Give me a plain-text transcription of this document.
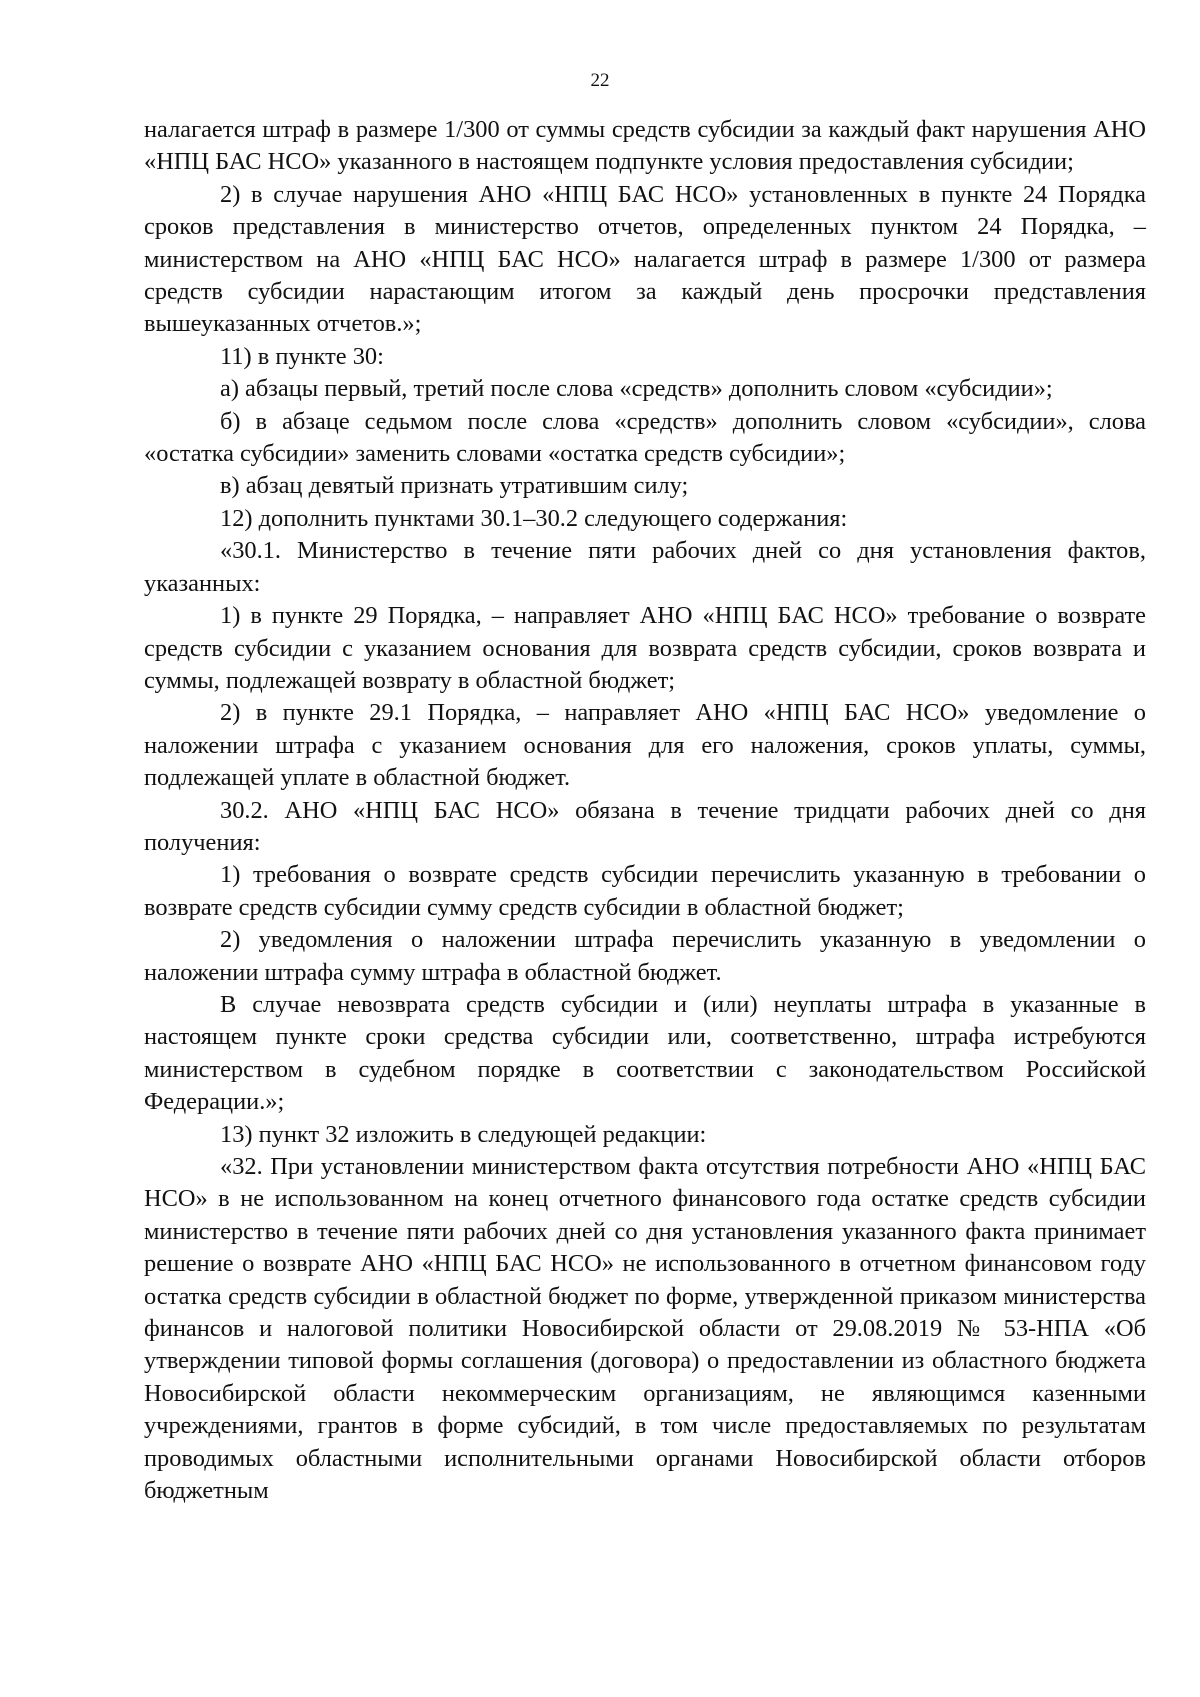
22

налагается штраф в размере 1/300 от суммы средств субсидии за каждый факт нарушения АНО «НПЦ БАС НСО» указанного в настоящем подпункте условия предоставления субсидии;

2) в случае нарушения АНО «НПЦ БАС НСО» установленных в пункте 24 Порядка сроков представления в министерство отчетов, определенных пунктом 24 Порядка, – министерством на АНО «НПЦ БАС НСО» налагается штраф в размере 1/300 от размера средств субсидии нарастающим итогом за каждый день просрочки представления вышеуказанных отчетов.»;

11) в пункте 30:

а) абзацы первый, третий после слова «средств» дополнить словом «субсидии»;

б) в абзаце седьмом после слова «средств» дополнить словом «субсидии», слова «остатка субсидии» заменить словами «остатка средств субсидии»;

в) абзац девятый признать утратившим силу;

12) дополнить пунктами 30.1–30.2 следующего содержания:

«30.1. Министерство в течение пяти рабочих дней со дня установления фактов, указанных:

1) в пункте 29 Порядка, – направляет АНО «НПЦ БАС НСО» требование о возврате средств субсидии с указанием основания для возврата средств субсидии, сроков возврата и суммы, подлежащей возврату в областной бюджет;

2) в пункте 29.1 Порядка, – направляет АНО «НПЦ БАС НСО» уведомление о наложении штрафа с указанием основания для его наложения, сроков уплаты, суммы, подлежащей уплате в областной бюджет.

30.2. АНО «НПЦ БАС НСО» обязана в течение тридцати рабочих дней со дня получения:

1) требования о возврате средств субсидии перечислить указанную в требовании о возврате средств субсидии сумму средств субсидии в областной бюджет;

2) уведомления о наложении штрафа перечислить указанную в уведомлении о наложении штрафа сумму штрафа в областной бюджет.

В случае невозврата средств субсидии и (или) неуплаты штрафа в указанные в настоящем пункте сроки средства субсидии или, соответственно, штрафа истребуются министерством в судебном порядке в соответствии с законодательством Российской Федерации.»;

13) пункт 32 изложить в следующей редакции:

«32. При установлении министерством факта отсутствия потребности АНО «НПЦ БАС НСО» в не использованном на конец отчетного финансового года остатке средств субсидии министерство в течение пяти рабочих дней со дня установления указанного факта принимает решение о возврате АНО «НПЦ БАС НСО» не использованного в отчетном финансовом году остатка средств субсидии в областной бюджет по форме, утвержденной приказом министерства финансов и налоговой политики Новосибирской области от 29.08.2019 № 53-НПА «Об утверждении типовой формы соглашения (договора) о предоставлении из областного бюджета Новосибирской области некоммерческим организациям, не являющимся казенными учреждениями, грантов в форме субсидий, в том числе предоставляемых по результатам проводимых областными исполнительными органами Новосибирской области отборов бюджетным
